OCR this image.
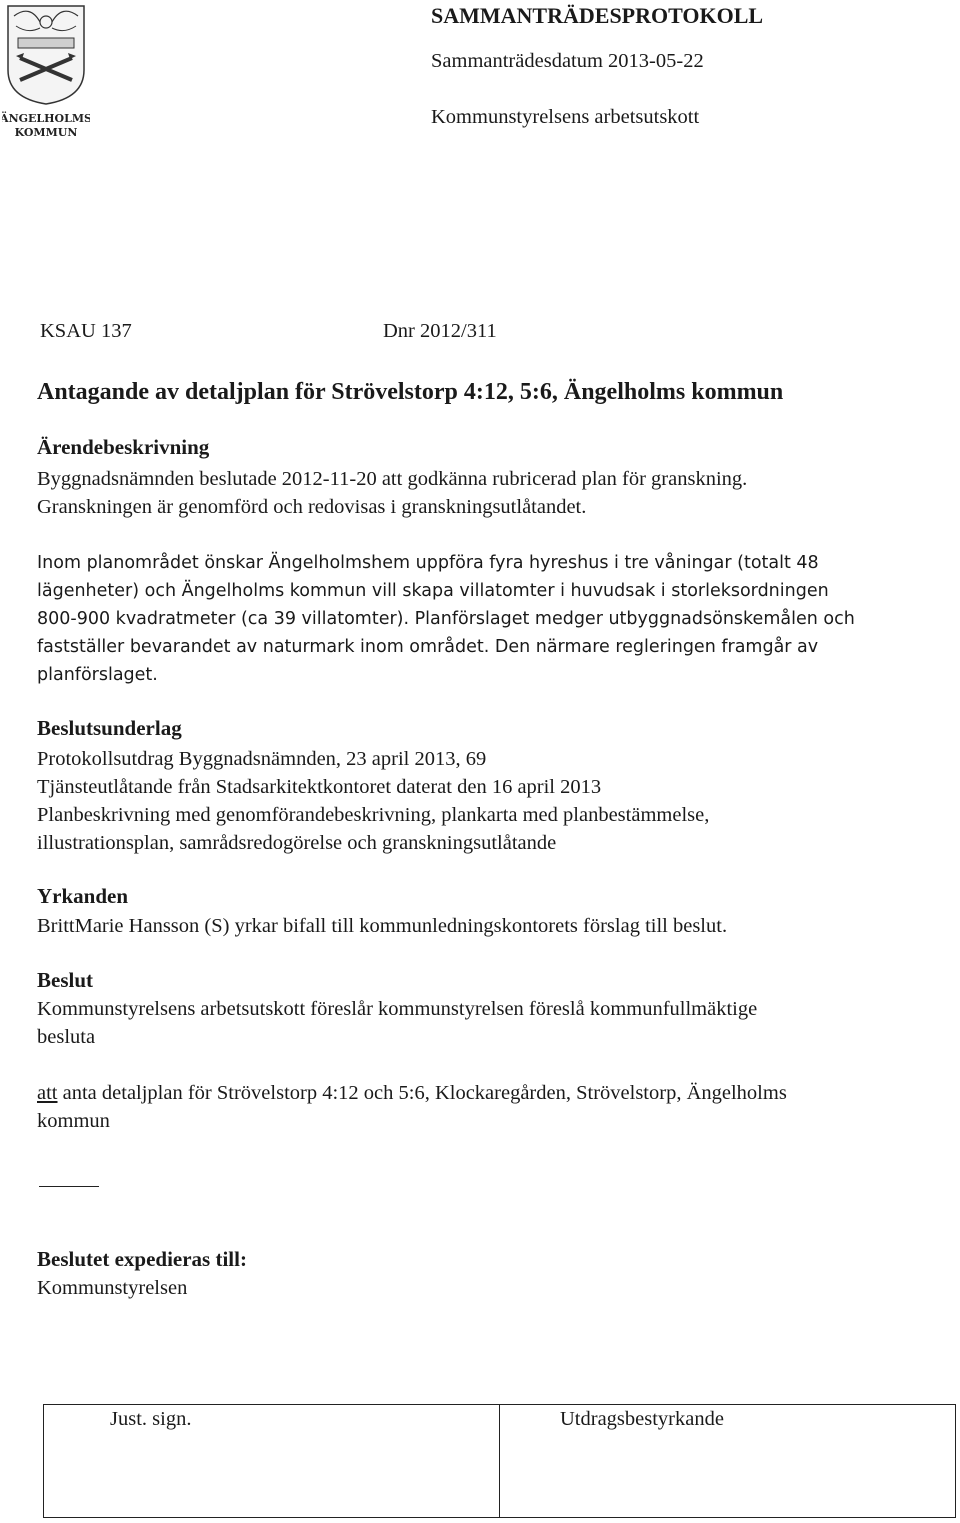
ÄNGELHOLMS
KOMMUN
SAMMANTRÄDESPROTOKOLL
Sammanträdesdatum 2013-05-22
Kommunstyrelsens arbetsutskott
KSAU 137	Dnr 2012/311
Antagande av detaljplan för Strövelstorp 4:12, 5:6, Ängelholms kommun
Ärendebeskrivning
Byggnadsnämnden beslutade 2012-11-20 att godkänna rubricerad plan för granskning.
Granskningen är genomförd och redovisas i granskningsutlåtandet.
Inom planområdet önskar Ängelholmshem uppföra fyra hyreshus i tre våningar (totalt 48
lägenheter) och Ängelholms kommun vill skapa villatomter i huvudsak i storleksordningen
800-900 kvadratmeter (ca 39 villatomter). Planförslaget medger utbyggnadsönskemålen och
fastställer bevarandet av naturmark inom området. Den närmare regleringen framgår av
planförslaget.
Beslutsunderlag
Protokollsutdrag Byggnadsnämnden, 23 april 2013, 69
Tjänsteutlåtande från Stadsarkitektkontoret daterat den 16 april 2013
Planbeskrivning med genomförandebeskrivning, plankarta med planbestämmelse,
illustrationsplan, samrådsredogörelse och granskningsutlåtande
Yrkanden
BrittMarie Hansson (S) yrkar bifall till kommunledningskontorets förslag till beslut.
Beslut
Kommunstyrelsens arbetsutskott föreslår kommunstyrelsen föreslå kommunfullmäktige
besluta
att anta detaljplan för Strövelstorp 4:12 och 5:6, Klockaregården, Strövelstorp, Ängelholms
kommun
Beslutet expedieras till:
Kommunstyrelsen
Just. sign.	Utdragsbestyrkande
